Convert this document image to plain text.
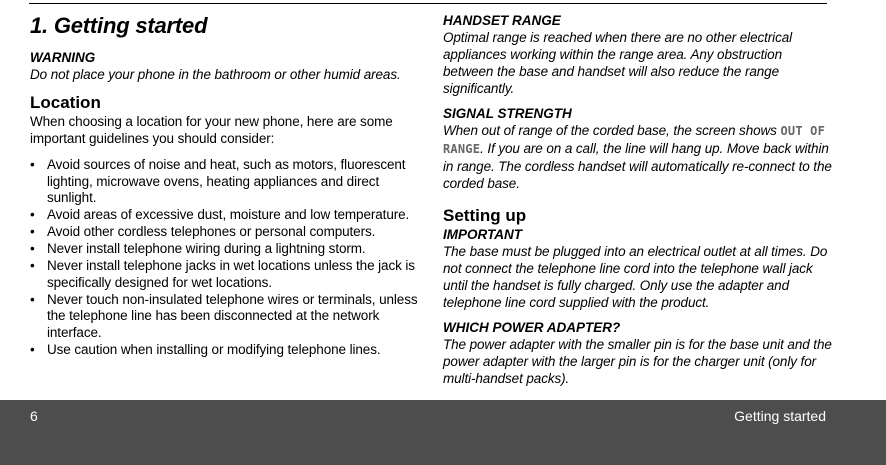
1. Getting started
WARNING

Do not place your phone in the bathroom or other humid areas.

Location

When choosing a location for your new phone, here are some important guidelines you should consider:

• Avoid sources of noise and heat, such as motors, fluorescent lighting, microwave ovens, heating appliances and direct sunlight.
• Avoid areas of excessive dust, moisture and low temperature.
• Avoid other cordless telephones or personal computers.
• Never install telephone wiring during a lightning storm.
• Never install telephone jacks in wet locations unless the jack is specifically designed for wet locations.
• Never touch non-insulated telephone wires or terminals, unless the telephone line has been disconnected at the network interface.
• Use caution when installing or modifying telephone lines.
HANDSET RANGE

Optimal range is reached when there are no other electrical appliances working within the range area. Any obstruction between the base and handset will also reduce the range significantly.

SIGNAL STRENGTH

When out of range of the corded base, the screen shows OUT OF RANGE. If you are on a call, the line will hang up. Move back within in range. The cordless handset will automatically re-connect to the corded base.

Setting up
IMPORTANT

The base must be plugged into an electrical outlet at all times. Do not connect the telephone line cord into the telephone wall jack until the handset is fully charged. Only use the adapter and telephone line cord supplied with the product.

WHICH POWER ADAPTER?

The power adapter with the smaller pin is for the base unit and the power adapter with the larger pin is for the charger unit (only for multi-handset packs).

6	Getting started
